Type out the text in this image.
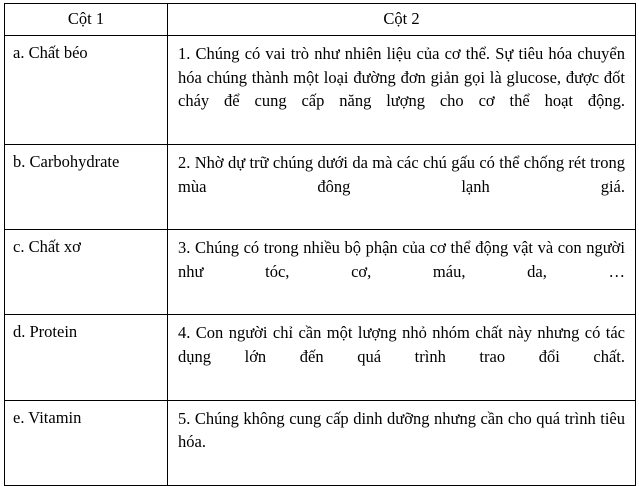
Cột 1	Cột 2
a. Chất béo	1. Chúng có vai trò như nhiên liệu của cơ thể. Sự tiêu hóa chuyển hóa chúng thành một loại đường đơn giản gọi là glucose, được đốt cháy để cung cấp năng lượng cho cơ thể hoạt động.
b. Carbohydrate	2. Nhờ dự trữ chúng dưới da mà các chú gấu có thể chống rét trong mùa đông lạnh giá.
c. Chất xơ	3. Chúng có trong nhiều bộ phận của cơ thể động vật và con người như tóc, cơ, máu, da, …
d. Protein	4. Con người chỉ cần một lượng nhỏ nhóm chất này nhưng có tác dụng lớn đến quá trình trao đổi chất.
e. Vitamin	5. Chúng không cung cấp dinh dưỡng nhưng cần cho quá trình tiêu hóa.
